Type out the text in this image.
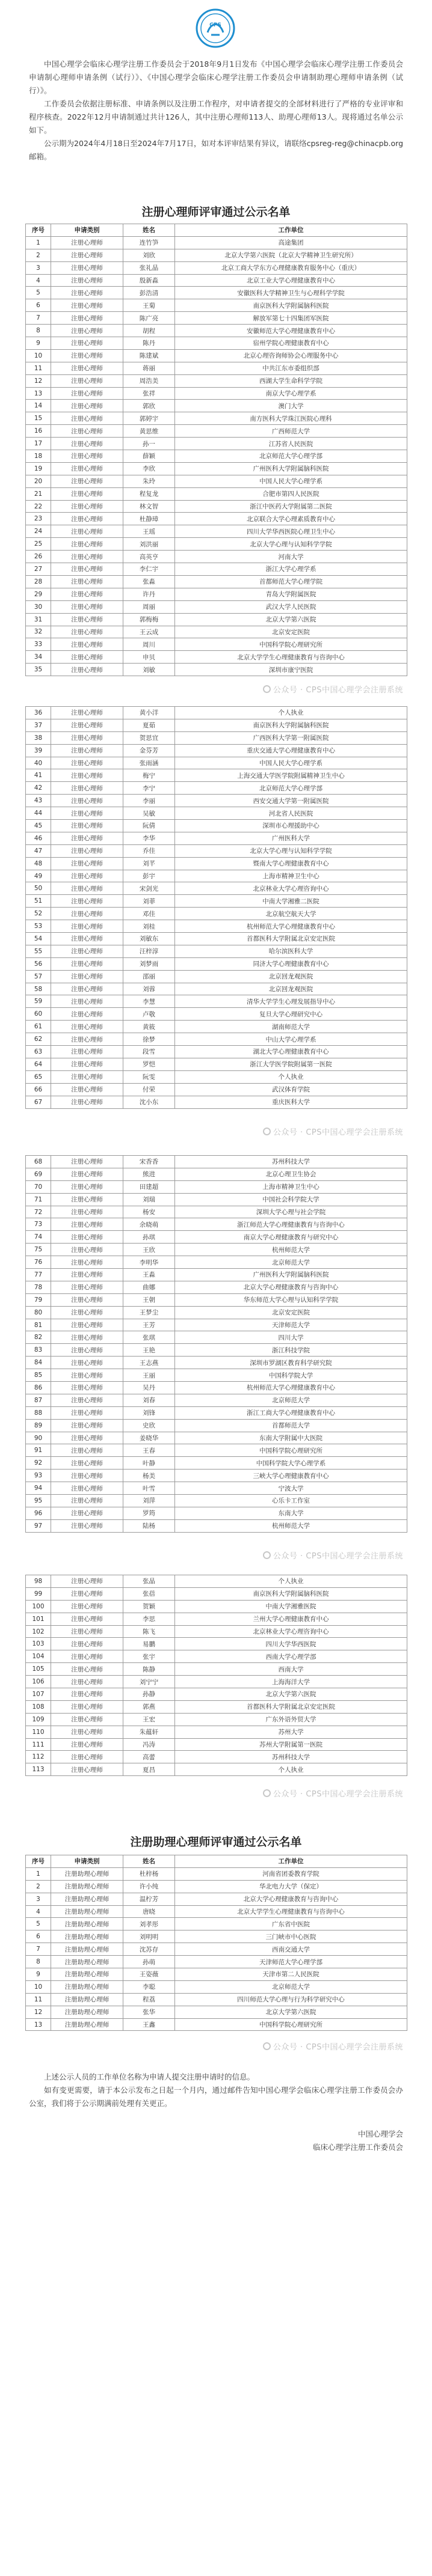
CPS

中国心理学会临床心理学注册工作委员会于2018年9月1日发布《中国心理学会临床心理学注册工作委员会申请制心理师申请条例（试行）》、《中国心理学会临床心理学注册工作委员会申请制助理心理师申请条例（试行）》。

工作委员会依据注册标准、申请条例以及注册工作程序，对申请者提交的全部材料进行了严格的专业评审和程序核查。2022年12月申请制通过共计126人，其中注册心理师113人、助理心理师13人。现将通过名单公示如下。

公示期为2024年4月18日至2024年7月17日，如对本评审结果有异议，请联络cpsreg-reg@chinacpb.org邮箱。

注册心理师评审通过公示名单
序号	申请类别	姓名	工作单位
1	注册心理师	连竹笋	高途集团
2	注册心理师	刘欣	北京大学第六医院（北京大学精神卫生研究所）
3	注册心理师	张礼晶	北京工商大学东方心理健康教育服务中心（重庆）
4	注册心理师	殷新淼	北京工业大学心理健康教育中心
5	注册心理师	彭浩清	安徽医科大学精神卫生与心理科学学院
6	注册心理师	王菊	南京医科大学附属脑科医院
7	注册心理师	陈广亮	解放军第七十四集团军医院
8	注册心理师	胡程	安徽师范大学心理健康教育中心
9	注册心理师	陈丹	宿州学院心理健康教育中心
10	注册心理师	陈建斌	北京心理咨询师协会心理服务中心
11	注册心理师	蒋丽	中共江东市委组织部
12	注册心理师	周浩美	西湖大学生命科学学院
13	注册心理师	张祥	南京大学心理学系
14	注册心理师	郭欣	澳门大学
15	注册心理师	郭婷宇	南方医科大学珠江医院心理科
16	注册心理师	黄思维	广西师范大学
17	注册心理师	孙一	江苏省人民医院
18	注册心理师	薛颖	北京师范大学心理学部
19	注册心理师	李欣	广州医科大学附属脑科医院
20	注册心理师	朱玲	中国人民大学心理学系
21	注册心理师	程复龙	合肥市第四人民医院
22	注册心理师	林文智	浙江中医药大学附属第二医院
23	注册心理师	杜静璋	北京联合大学心理素质教育中心
24	注册心理师	王瑶	四川大学华西医院心理卫生中心
25	注册心理师	刘洪丽	北京大学心理与认知科学学院
26	注册心理师	高英亨	河南大学
27	注册心理师	李仁宇	浙江大学心理学系
28	注册心理师	张淼	首都师范大学心理学院
29	注册心理师	许丹	青岛大学附属医院
30	注册心理师	周丽	武汉大学人民医院
31	注册心理师	郭梅梅	北京大学第六医院
32	注册心理师	王云成	北京安定医院
33	注册心理师	周川	中国科学院心理研究所
34	注册心理师	申贝	北京大学学生心理健康教育与咨询中心
35	注册心理师	刘敏	深圳市康宁医院
公众号 · CPS中国心理学会注册系统
36	注册心理师	黄小洋	个人执业
37	注册心理师	夏茹	南京医科大学附属脑科医院
38	注册心理师	贺思宜	广西医科大学第一附属医院
39	注册心理师	金芬芳	重庆交通大学心理健康教育中心
40	注册心理师	张雨涵	中国人民大学心理学系
41	注册心理师	梅宁	上海交通大学医学院附属精神卫生中心
42	注册心理师	李宁	北京师范大学心理学部
43	注册心理师	李丽	西安交通大学第一附属医院
44	注册心理师	吴敏	河北省人民医院
45	注册心理师	阮倩	深圳市心理援助中心
46	注册心理师	李华	广州医科大学
47	注册心理师	乔佳	北京大学心理与认知科学学院
48	注册心理师	刘芊	暨南大学心理健康教育中心
49	注册心理师	彭宇	上海市精神卫生中心
50	注册心理师	宋剑光	北京林业大学心理咨询中心
51	注册心理师	刘菲	中南大学湘雅二医院
52	注册心理师	邓佳	北京航空航天大学
53	注册心理师	刘桂	杭州师范大学心理健康教育中心
54	注册心理师	刘敏东	首都医科大学附属北京安定医院
55	注册心理师	汪梓淳	哈尔滨医科大学
56	注册心理师	刘梦雨	同济大学心理健康教育中心
57	注册心理师	邵丽	北京回龙观医院
58	注册心理师	刘蓉	北京回龙观医院
59	注册心理师	李慧	清华大学学生心理发展指导中心
60	注册心理师	卢敬	复旦大学心理研究中心
61	注册心理师	黄筱	湖南师范大学
62	注册心理师	徐梦	中山大学心理学系
63	注册心理师	段雪	湖北大学心理健康教育中心
64	注册心理师	罗恺	浙江大学医学院附属第一医院
65	注册心理师	阮雯	个人执业
66	注册心理师	付荣	武汉体育学院
67	注册心理师	沈小东	重庆医科大学
公众号 · CPS中国心理学会注册系统
68	注册心理师	宋香香	苏州科技大学
69	注册心理师	熊进	北京心理卫生协会
70	注册心理师	田建超	上海市精神卫生中心
71	注册心理师	刘瑞	中国社会科学院大学
72	注册心理师	杨安	深圳大学心理与社会学院
73	注册心理师	余晓萌	浙江师范大学心理健康教育与咨询中心
74	注册心理师	孙琪	南京大学心理健康教育与研究中心
75	注册心理师	王欣	杭州师范大学
76	注册心理师	李明华	北京师范大学
77	注册心理师	王淼	广州医科大学附属脑科医院
78	注册心理师	曲娜	北京大学心理健康教育与咨询中心
79	注册心理师	王朝	华东师范大学心理与认知科学学院
80	注册心理师	王梦尘	北京安定医院
81	注册心理师	王芳	天津师范大学
82	注册心理师	张琪	四川大学
83	注册心理师	王艳	浙江科技学院
84	注册心理师	王志燕	深圳市罗湖区教育科学研究院
85	注册心理师	王丽	中国科学院大学
86	注册心理师	吴丹	杭州师范大学心理健康教育中心
87	注册心理师	刘春	北京师范大学
88	注册心理师	刘锋	浙江工商大学心理健康教育中心
89	注册心理师	史欣	首都师范大学
90	注册心理师	姜晓华	东南大学附属中大医院
91	注册心理师	王春	中国科学院心理研究所
92	注册心理师	叶静	中国科学院大学心理学系
93	注册心理师	杨美	三峡大学心理健康教育中心
94	注册心理师	叶雪	宁波大学
95	注册心理师	刘萍	心乐卡工作室
96	注册心理师	罗筠	东南大学
97	注册心理师	陆杨	杭州师范大学
公众号 · CPS中国心理学会注册系统
98	注册心理师	张晶	个人执业
99	注册心理师	张蓓	南京医科大学附属脑科医院
100	注册心理师	贺颖	中南大学湘雅医院
101	注册心理师	李思	兰州大学心理健康教育中心
102	注册心理师	陈飞	北京林业大学心理咨询中心
103	注册心理师	易鹏	四川大学华西医院
104	注册心理师	张宇	西南大学心理学部
105	注册心理师	陈静	西南大学
106	注册心理师	刘宁宁	上海海洋大学
107	注册心理师	孙静	北京大学第六医院
108	注册心理师	郭燕	首都医科大学附属北京安定医院
109	注册心理师	王宏	广东外语外贸大学
110	注册心理师	朱蕴轩	苏州大学
111	注册心理师	冯涛	苏州大学附属第一医院
112	注册心理师	高蕾	苏州科技大学
113	注册心理师	夏昌	个人执业
公众号 · CPS中国心理学会注册系统
注册助理心理师评审通过公示名单
序号	申请类别	姓名	工作单位
1	注册助理心理师	杜梓杨	河南省团委教育学院
2	注册助理心理师	许小纯	华北电力大学（保定）
3	注册助理心理师	温柠芳	北京大学心理健康教育与咨询中心
4	注册助理心理师	唐晓	北京大学学生心理健康教育与咨询中心
5	注册助理心理师	刘孝彤	广东省中医院
6	注册助理心理师	刘明明	三门峡市中心医院
7	注册助理心理师	沈苏存	西南交通大学
8	注册助理心理师	孙萌	天津师范大学心理学部
9	注册助理心理师	王姿薇	天津市第二人民医院
10	注册助理心理师	李聪	北京师范大学
11	注册助理心理师	程荔	四川师范大学心理与行为科学研究中心
12	注册助理心理师	张华	北京大学第六医院
13	注册助理心理师	王鑫	中国科学院心理研究所
公众号 · CPS中国心理学会注册系统

上述公示人员的工作单位名称为申请人提交注册申请时的信息。

如有变更需要，请于本公示发布之日起一个月内，通过邮件告知中国心理学会临床心理学注册工作委员会办公室，我们将于公示期满前处理有关更正。

中国心理学会
临床心理学注册工作委员会
